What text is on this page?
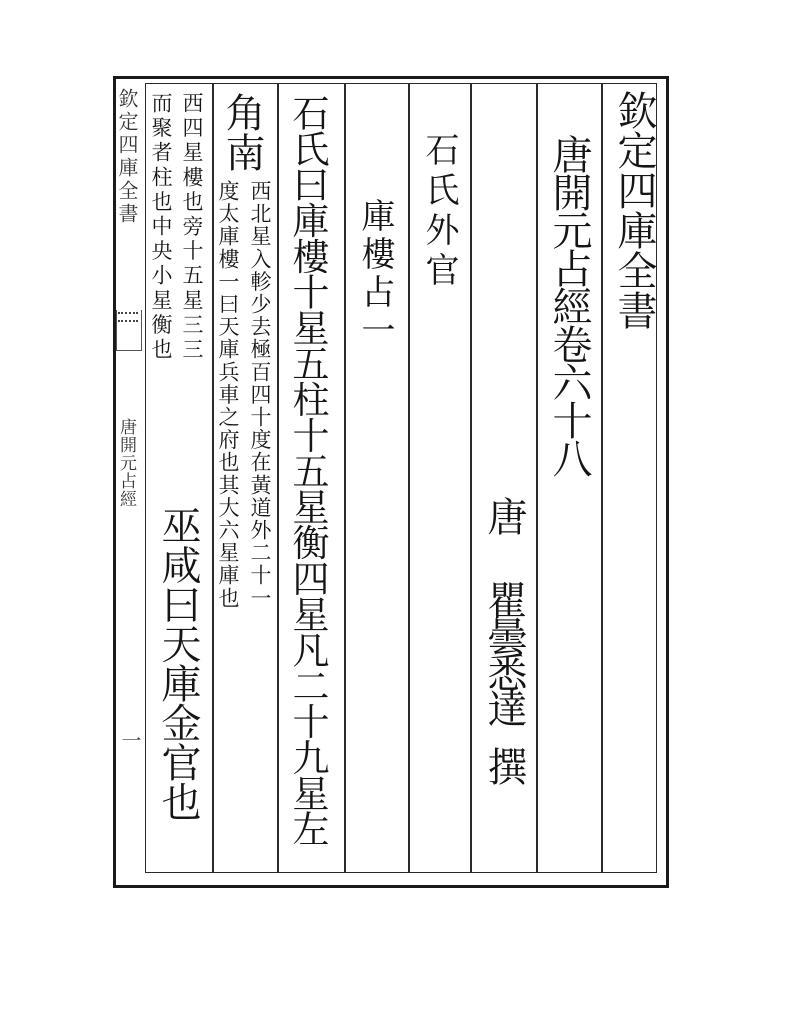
欽定四庫全書
唐開元占經
一
欽定四庫全書
唐開元占經卷六十八
唐
瞿曇悉達
撰
石氏外官
庫樓占一
石氏曰庫樓十星五柱十五星衡四星凡二十九星左
角南
西北星入軫少去極百四十度在黃道外二十一
度太庫樓一曰天庫兵車之府也其大六星庫也
西四星樓也旁十五星三三
而聚者柱也中央小星衡也
巫咸曰天庫金官也
